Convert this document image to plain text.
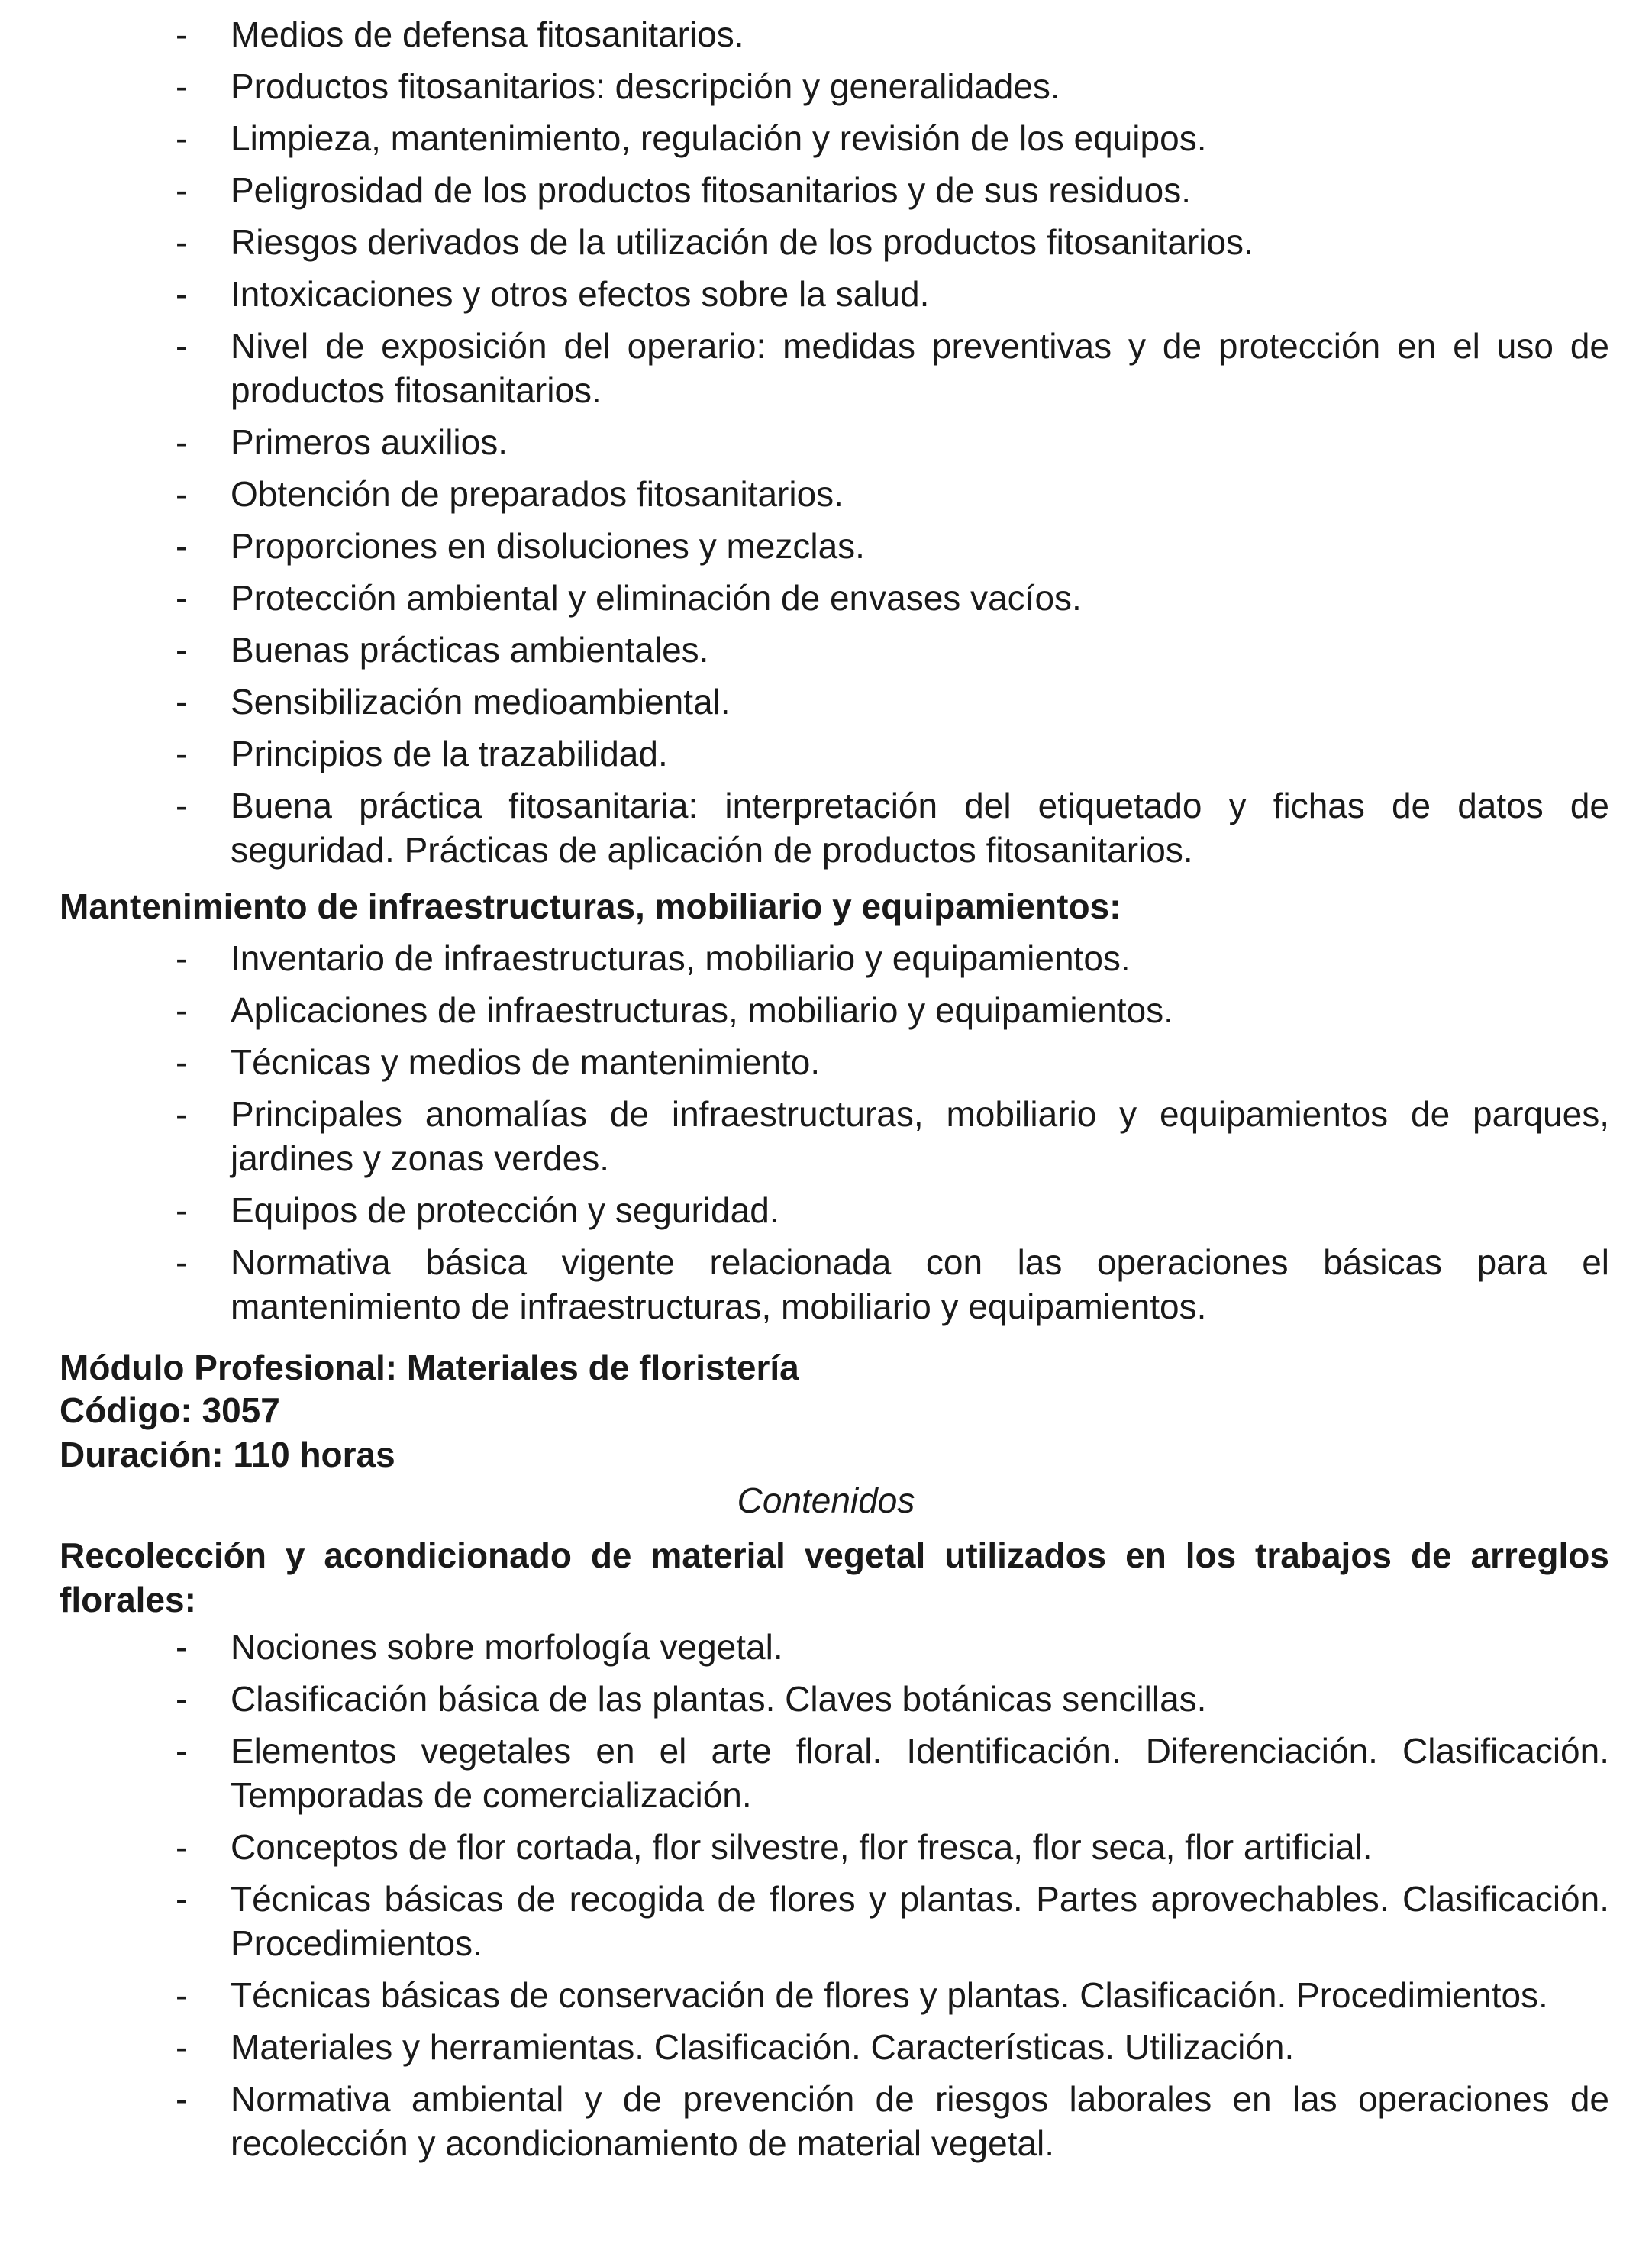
- Medios de defensa fitosanitarios.
- Productos fitosanitarios: descripción y generalidades.
- Limpieza, mantenimiento, regulación y revisión de los equipos.
- Peligrosidad de los productos fitosanitarios y de sus residuos.
- Riesgos derivados de la utilización de los productos fitosanitarios.
- Intoxicaciones y otros efectos sobre la salud.
- Nivel de exposición del operario: medidas preventivas y de protección en el uso de productos fitosanitarios.
- Primeros auxilios.
- Obtención de preparados fitosanitarios.
- Proporciones en disoluciones y mezclas.
- Protección ambiental y eliminación de envases vacíos.
- Buenas prácticas ambientales.
- Sensibilización medioambiental.
- Principios de la trazabilidad.
- Buena práctica fitosanitaria: interpretación del etiquetado y fichas de datos de seguridad. Prácticas de aplicación de productos fitosanitarios.
Mantenimiento de infraestructuras, mobiliario y equipamientos:
- Inventario de infraestructuras, mobiliario y equipamientos.
- Aplicaciones de infraestructuras, mobiliario y equipamientos.
- Técnicas y medios de mantenimiento.
- Principales anomalías de infraestructuras, mobiliario y equipamientos de parques, jardines y zonas verdes.
- Equipos de protección y seguridad.
- Normativa básica vigente relacionada con las operaciones básicas para el mantenimiento de infraestructuras, mobiliario y equipamientos.
Módulo Profesional: Materiales de floristería
Código: 3057
Duración: 110 horas
Contenidos
Recolección y acondicionado de material vegetal utilizados en los trabajos de arreglos florales:
- Nociones sobre morfología vegetal.
- Clasificación básica de las plantas. Claves botánicas sencillas.
- Elementos vegetales en el arte floral. Identificación. Diferenciación. Clasificación. Temporadas de comercialización.
- Conceptos de flor cortada, flor silvestre, flor fresca, flor seca, flor artificial.
- Técnicas básicas de recogida de flores y plantas. Partes aprovechables. Clasificación. Procedimientos.
- Técnicas básicas de conservación de flores y plantas. Clasificación. Procedimientos.
- Materiales y herramientas. Clasificación. Características. Utilización.
- Normativa ambiental y de prevención de riesgos laborales en las operaciones de recolección y acondicionamiento de material vegetal.
